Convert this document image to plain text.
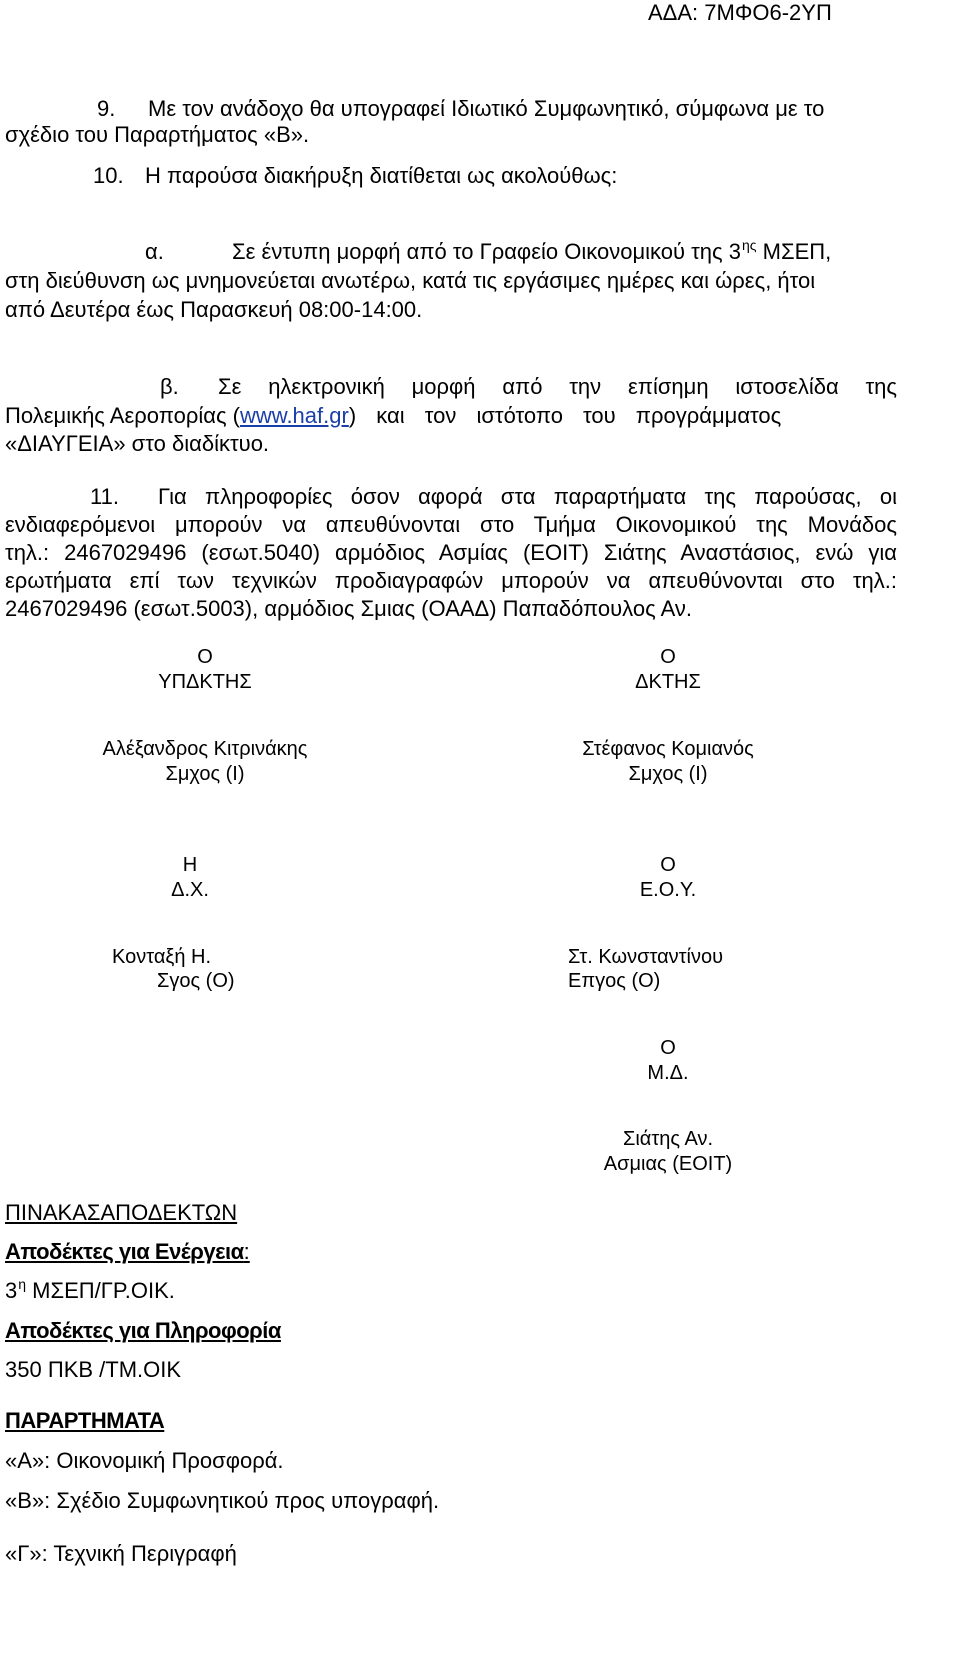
ΑΔΑ: 7ΜΦΟ6-2ΥΠ
9. Με τον ανάδοχο θα υπογραφεί Ιδιωτικό Συμφωνητικό, σύμφωνα με το
σχέδιο του Παραρτήματος «Β».
10. Η παρούσα διακήρυξη διατίθεται ως ακολούθως:
α.	Σε έντυπη μορφή από το Γραφείο Οικονομικού της $3^{\eta\varsigma}$ ΜΣΕΠ,
στη διεύθυνση ως μνημονεύεται ανωτέρω, κατά τις εργάσιμες ημέρες και ώρες, ήτοι
από Δευτέρα έως Παρασκευή 08:00-14:00.
β. Σε ηλεκτρονική μορφή από την επίσημη ιστοσελίδα της
Πολεμικής Αεροπορίας (www.haf.gr) και τον ιστότοπο του προγράμματος
«ΔΙΑΥΓΕΙΑ» στο διαδίκτυο.
11. Για πληροφορίες όσον αφορά στα παραρτήματα της παρούσας, οι
ενδιαφερόμενοι μπορούν να απευθύνονται στο Τμήμα Οικονομικού της Μονάδος
τηλ.: 2467029496 (εσωτ.5040) αρμόδιος Ασμίας (ΕΟΙΤ) Σιάτης Αναστάσιος, ενώ για
ερωτήματα επί των τεχνικών προδιαγραφών μπορούν να απευθύνονται στο τηλ.:
2467029496 (εσωτ.5003), αρμόδιος Σμιας (ΟΑΑΔ) Παπαδόπουλος Αν.
Ο
ΥΠΔΚΤΗΣ
Ο
ΔΚΤΗΣ
Αλέξανδρος Κιτρινάκης
Σμχος (Ι)
Στέφανος Κομιανός
Σμχος (Ι)
Η
Δ.Χ.
Ο
Ε.Ο.Υ.
Κονταξή Η.
Σγος (Ο)
Στ. Κωνσταντίνου
Επγος (Ο)
Ο
Μ.Δ.
Σιάτης Αν.
Ασμιας (ΕΟΙΤ)
ΠΙΝΑΚΑΣΑΠΟΔΕΚΤΩΝ
Αποδέκτες για Ενέργεια:
$3^\eta$ ΜΣΕΠ/ΓΡ.ΟΙΚ.
Αποδέκτες για Πληροφορία
350 ΠΚΒ /ΤΜ.ΟΙΚ
ΠΑΡΑΡΤΗΜΑΤΑ
«Α»: Οικονομική Προσφορά.
«Β»: Σχέδιο Συμφωνητικού προς υπογραφή.
«Γ»: Τεχνική Περιγραφή
